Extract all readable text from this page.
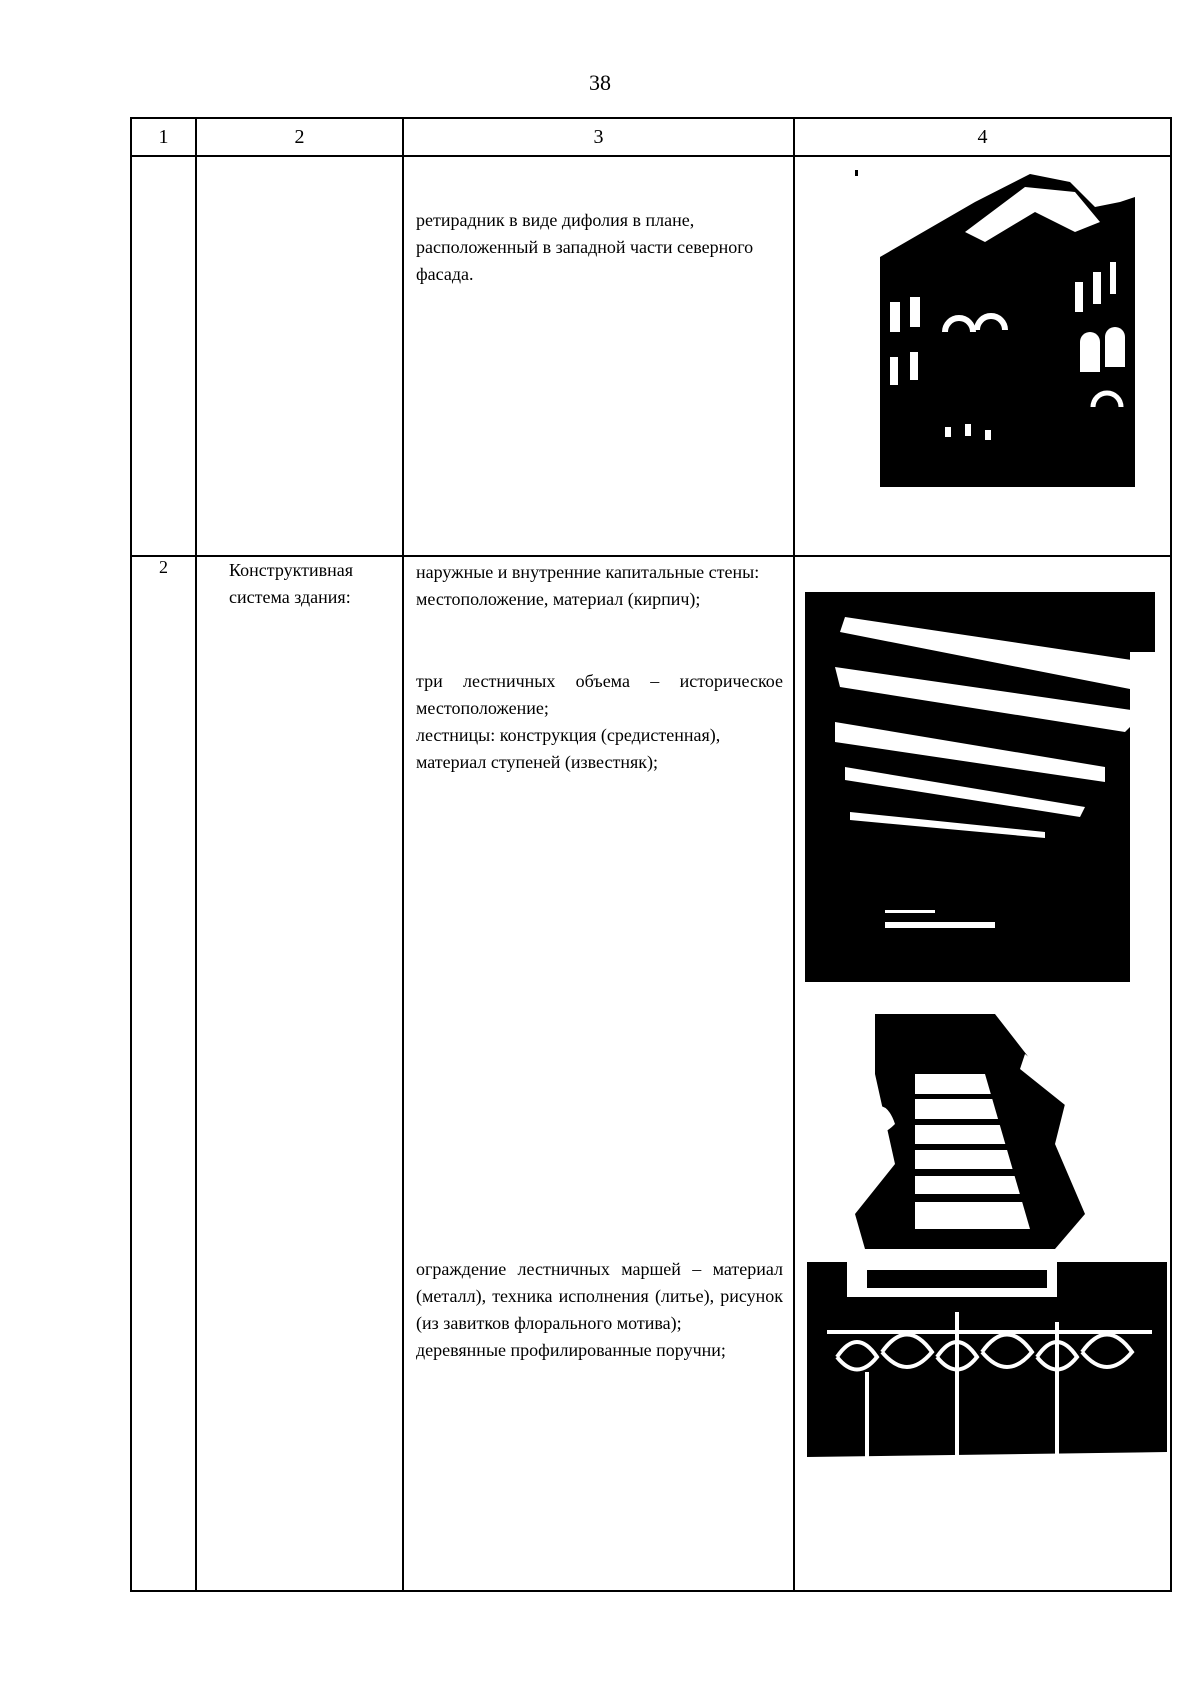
38
1	2	3	4

		ретирадник в виде дифолия в плане, расположенный в западной части северного фасада.

2	Конструктивная система здания:	наружные и внутренние капитальные стены: местоположение, материал (кирпич);
три лестничных объема – историческое местоположение;
лестницы: конструкция (средистенная), материал ступеней (известняк);
ограждение лестничных маршей – материал (металл), техника исполнения (литье), рисунок (из завитков флорального мотива);
деревянные профилированные поручни;
